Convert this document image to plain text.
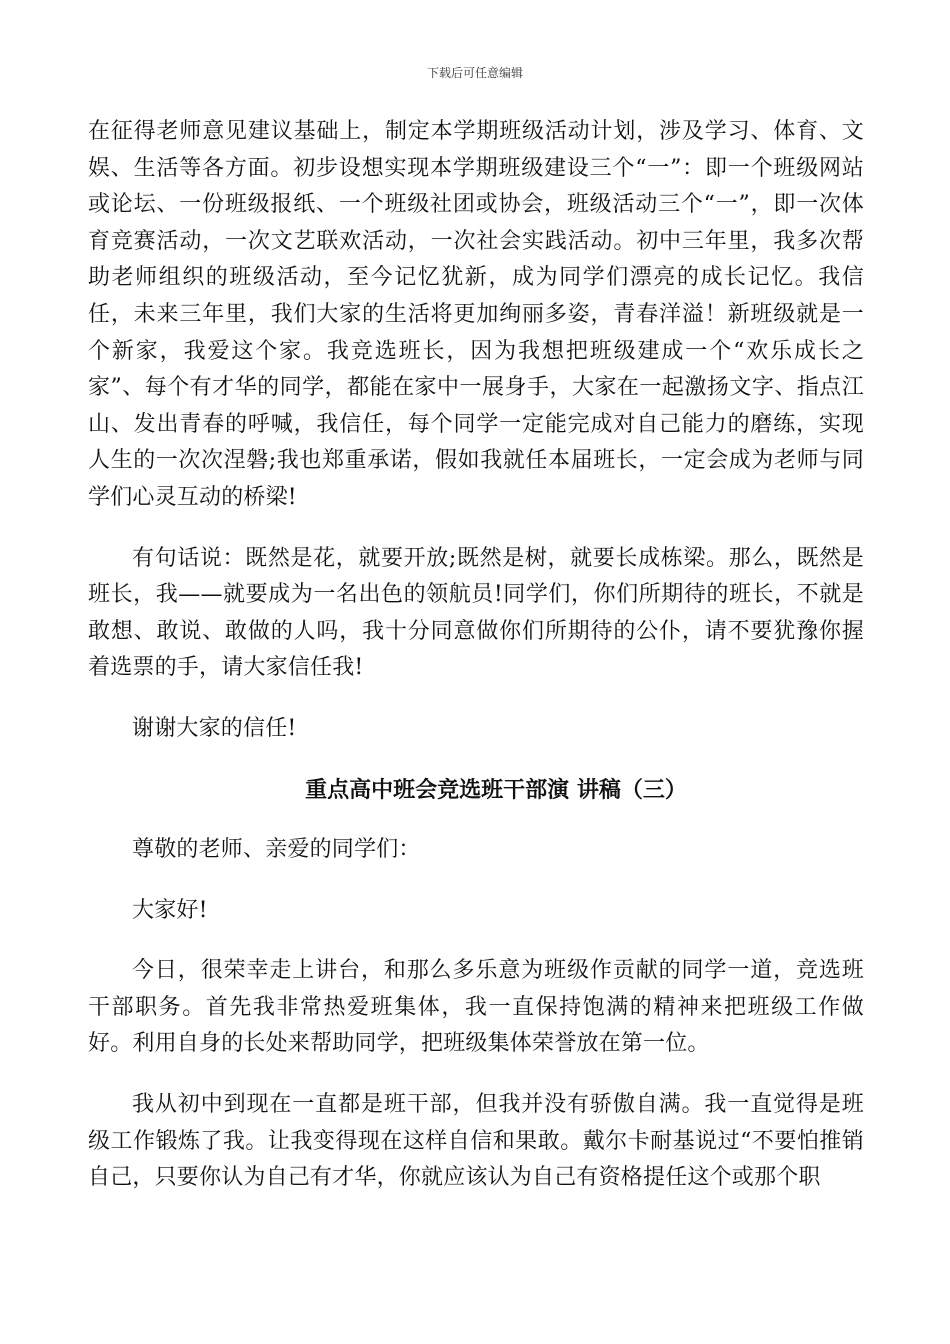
下载后可任意编辑

在征得老师意见建议基础上，制定本学期班级活动计划，涉及学习、体育、文娱、生活等各方面。初步设想实现本学期班级建设三个“一”：即一个班级网站或论坛、一份班级报纸、一个班级社团或协会，班级活动三个“一”，即一次体育竞赛活动，一次文艺联欢活动，一次社会实践活动。初中三年里，我多次帮助老师组织的班级活动，至今记忆犹新，成为同学们漂亮的成长记忆。我信任，未来三年里，我们大家的生活将更加绚丽多姿，青春洋溢！新班级就是一个新家，我爱这个家。我竞选班长，因为我想把班级建成一个“欢乐成长之家”、每个有才华的同学，都能在家中一展身手，大家在一起激扬文字、指点江山、发出青春的呼喊，我信任，每个同学一定能完成对自己能力的磨练，实现人生的一次次涅磐;我也郑重承诺，假如我就任本届班长，一定会成为老师与同学们心灵互动的桥梁!

有句话说：既然是花，就要开放;既然是树，就要长成栋梁。那么，既然是班长，我——就要成为一名出色的领航员!同学们，你们所期待的班长，不就是敢想、敢说、敢做的人吗，我十分同意做你们所期待的公仆，请不要犹豫你握着选票的手，请大家信任我!

谢谢大家的信任!

重点高中班会竞选班干部演 讲稿（三）

尊敬的老师、亲爱的同学们：

大家好!

今日，很荣幸走上讲台，和那么多乐意为班级作贡献的同学一道，竞选班干部职务。首先我非常热爱班集体，我一直保持饱满的精神来把班级工作做好。利用自身的长处来帮助同学，把班级集体荣誉放在第一位。

我从初中到现在一直都是班干部，但我并没有骄傲自满。我一直觉得是班级工作锻炼了我。让我变得现在这样自信和果敢。戴尔卡耐基说过“不要怕推销自己，只要你认为自己有才华，你就应该认为自己有资格提任这个或那个职
